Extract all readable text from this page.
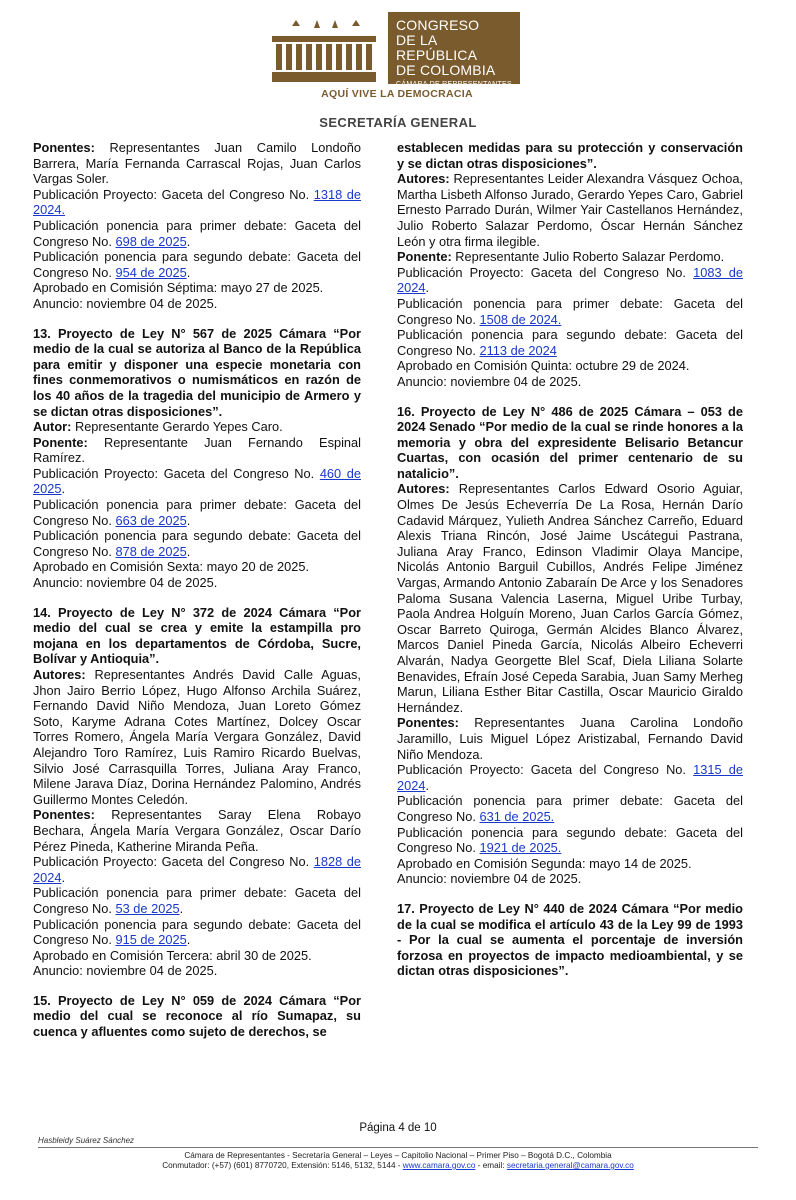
CONGRESO
DE LA REPÚBLICA
DE COLOMBIA
CÁMARA DE REPRESENTANTES
AQUÍ VIVE LA DEMOCRACIA
SECRETARÍA GENERAL

Ponentes: Representantes Juan Camilo Londoño Barrera, María Fernanda Carrascal Rojas, Juan Carlos Vargas Soler.

Publicación Proyecto: Gaceta del Congreso No. 1318 de 2024.

Publicación ponencia para primer debate: Gaceta del Congreso No. 698 de 2025.

Publicación ponencia para segundo debate: Gaceta del Congreso No. 954 de 2025.

Aprobado en Comisión Séptima: mayo 27 de 2025.

Anuncio: noviembre 04 de 2025.

13. Proyecto de Ley N° 567 de 2025 Cámara “Por medio de la cual se autoriza al Banco de la República para emitir y disponer una especie monetaria con fines conmemorativos o numismáticos en razón de los 40 años de la tragedia del municipio de Armero y se dictan otras disposiciones”.

Autor: Representante Gerardo Yepes Caro.

Ponente: Representante Juan Fernando Espinal Ramírez.

Publicación Proyecto: Gaceta del Congreso No. 460 de 2025.

Publicación ponencia para primer debate: Gaceta del Congreso No. 663 de 2025.

Publicación ponencia para segundo debate: Gaceta del Congreso No. 878 de 2025.

Aprobado en Comisión Sexta: mayo 20 de 2025.

Anuncio: noviembre 04 de 2025.

14. Proyecto de Ley N° 372 de 2024 Cámara “Por medio del cual se crea y emite la estampilla pro mojana en los departamentos de Córdoba, Sucre, Bolívar y Antioquia”.

Autores: Representantes Andrés David Calle Aguas, Jhon Jairo Berrio López, Hugo Alfonso Archila Suárez, Fernando David Niño Mendoza, Juan Loreto Gómez Soto, Karyme Adrana Cotes Martínez, Dolcey Oscar Torres Romero, Ángela María Vergara González, David Alejandro Toro Ramírez, Luis Ramiro Ricardo Buelvas, Silvio José Carrasquilla Torres, Juliana Aray Franco, Milene Jarava Díaz, Dorina Hernández Palomino, Andrés Guillermo Montes Celedón.

Ponentes: Representantes Saray Elena Robayo Bechara, Ángela María Vergara González, Oscar Darío Pérez Pineda, Katherine Miranda Peña.

Publicación Proyecto: Gaceta del Congreso No. 1828 de 2024.

Publicación ponencia para primer debate: Gaceta del Congreso No. 53 de 2025.

Publicación ponencia para segundo debate: Gaceta del Congreso No. 915 de 2025.

Aprobado en Comisión Tercera: abril 30 de 2025.

Anuncio: noviembre 04 de 2025.

15. Proyecto de Ley N° 059 de 2024 Cámara “Por medio del cual se reconoce al río Sumapaz, su cuenca y afluentes como sujeto de derechos, se

establecen medidas para su protección y conservación y se dictan otras disposiciones”.

Autores: Representantes Leider Alexandra Vásquez Ochoa, Martha Lisbeth Alfonso Jurado, Gerardo Yepes Caro, Gabriel Ernesto Parrado Durán, Wilmer Yair Castellanos Hernández, Julio Roberto Salazar Perdomo, Óscar Hernán Sánchez León y otra firma ilegible.

Ponente: Representante Julio Roberto Salazar Perdomo.

Publicación Proyecto: Gaceta del Congreso No. 1083 de 2024.

Publicación ponencia para primer debate: Gaceta del Congreso No. 1508 de 2024.

Publicación ponencia para segundo debate: Gaceta del Congreso No. 2113 de 2024

Aprobado en Comisión Quinta: octubre 29 de 2024.

Anuncio: noviembre 04 de 2025.

16. Proyecto de Ley N° 486 de 2025 Cámara – 053 de 2024 Senado “Por medio de la cual se rinde honores a la memoria y obra del expresidente Belisario Betancur Cuartas, con ocasión del primer centenario de su natalicio”.

Autores: Representantes Carlos Edward Osorio Aguiar, Olmes De Jesús Echeverría De La Rosa, Hernán Darío Cadavid Márquez, Yulieth Andrea Sánchez Carreño, Eduard Alexis Triana Rincón, José Jaime Uscátegui Pastrana, Juliana Aray Franco, Edinson Vladimir Olaya Mancipe, Nicolás Antonio Barguil Cubillos, Andrés Felipe Jiménez Vargas, Armando Antonio Zabaraín De Arce y los Senadores Paloma Susana Valencia Laserna, Miguel Uribe Turbay, Paola Andrea Holguín Moreno, Juan Carlos García Gómez, Oscar Barreto Quiroga, Germán Alcides Blanco Álvarez, Marcos Daniel Pineda García, Nicolás Albeiro Echeverri Alvarán, Nadya Georgette Blel Scaf, Diela Liliana Solarte Benavides, Efraín José Cepeda Sarabia, Juan Samy Merheg Marun, Liliana Esther Bitar Castilla, Oscar Mauricio Giraldo Hernández.

Ponentes: Representantes Juana Carolina Londoño Jaramillo, Luis Miguel López Aristizabal, Fernando David Niño Mendoza.

Publicación Proyecto: Gaceta del Congreso No. 1315 de 2024.

Publicación ponencia para primer debate: Gaceta del Congreso No. 631 de 2025.

Publicación ponencia para segundo debate: Gaceta del Congreso No. 1921 de 2025.

Aprobado en Comisión Segunda: mayo 14 de 2025.

Anuncio: noviembre 04 de 2025.

17. Proyecto de Ley N° 440 de 2024 Cámara “Por medio de la cual se modifica el artículo 43 de la Ley 99 de 1993 - Por la cual se aumenta el porcentaje de inversión forzosa en proyectos de impacto medioambiental, y se dictan otras disposiciones”.

Página 4 de 10
Hasbleidy Suárez Sánchez
Cámara de Representantes - Secretaría General – Leyes – Capitolio Nacional – Primer Piso – Bogotá D.C., Colombia
Conmutador: (+57) (601) 8770720, Extensión: 5146, 5132, 5144 - www.camara.gov.co - email: secretaria.general@camara.gov.co
